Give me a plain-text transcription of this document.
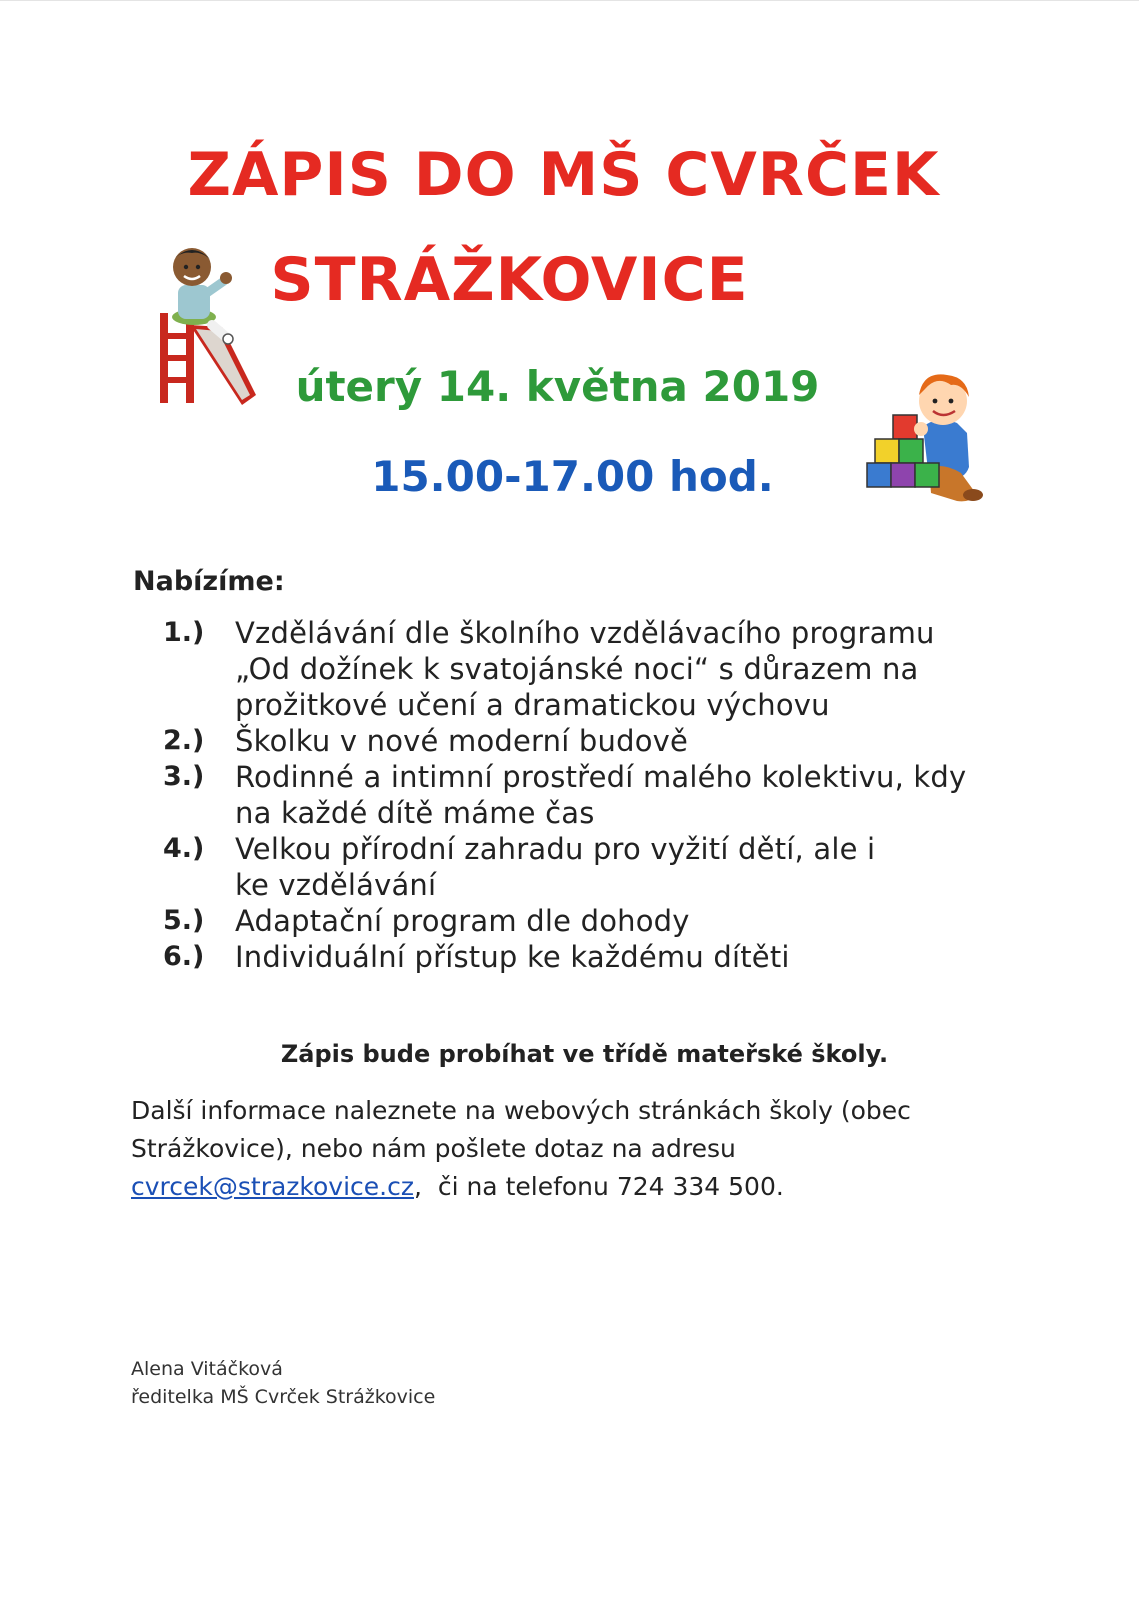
ZÁPIS DO MŠ CVRČEK
STRÁŽKOVICE
úterý 14. května 2019
15.00-17.00 hod.
Nabízíme:
1.)	Vzdělávání dle školního vzdělávacího programu „Od dožínek k svatojánské noci“ s důrazem na prožitkové učení a dramatickou výchovu
2.)	Školku v nové moderní budově
3.)	Rodinné a intimní prostředí malého kolektivu, kdy na každé dítě máme čas
4.)	Velkou přírodní zahradu pro vyžití dětí, ale i ke vzdělávání
5.)	Adaptační program dle dohody
6.)	Individuální přístup ke každému dítěti
Zápis bude probíhat ve třídě mateřské školy.
Další informace naleznete na webových stránkách školy (obec Strážkovice), nebo nám pošlete dotaz na adresu
cvrcek@strazkovice.cz,  či na telefonu 724 334 500.
Alena Vitáčková
ředitelka MŠ Cvrček Strážkovice
